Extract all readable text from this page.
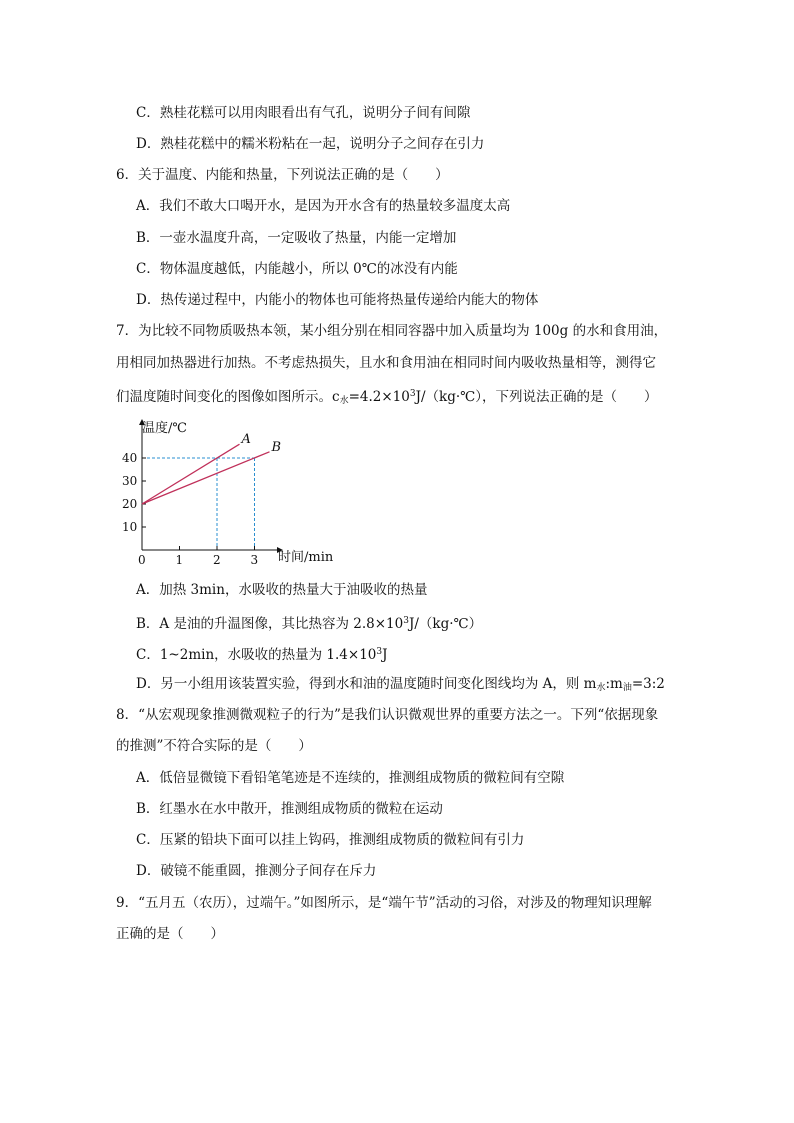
C．熟桂花糕可以用肉眼看出有气孔，说明分子间有间隙
D．熟桂花糕中的糯米粉粘在一起，说明分子之间存在引力
6．关于温度、内能和热量，下列说法正确的是（　　）
A．我们不敢大口喝开水，是因为开水含有的热量较多温度太高
B．一壶水温度升高，一定吸收了热量，内能一定增加
C．物体温度越低，内能越小，所以 0℃的冰没有内能
D．热传递过程中，内能小的物体也可能将热量传递给内能大的物体
7．为比较不同物质吸热本领，某小组分别在相同容器中加入质量均为 100g 的水和食用油，
用相同加热器进行加热。不考虑热损失，且水和食用油在相同时间内吸收热量相等，测得它
们温度随时间变化的图像如图所示。$c_水=4.2\times 10^3J/(kg\cdot℃)$，下列说法正确的是（　　）
温度/℃
时间/min
0 1 2 3
10
20
30
40
A
B
A．加热 3min，水吸收的热量大于油吸收的热量
B．A 是油的升温图像，其比热容为 $2.8\times 10^3J/(kg\cdot℃)$
C．1~2min，水吸收的热量为 $1.4\times 10^3J$
D．另一小组用该装置实验，得到水和油的温度随时间变化图线均为 A，则 $m_水:m_油=3:2$
8．“从宏观现象推测微观粒子的行为”是我们认识微观世界的重要方法之一。下列“依据现象
的推测”不符合实际的是（　　）
A．低倍显微镜下看铅笔笔迹是不连续的，推测组成物质的微粒间有空隙
B．红墨水在水中散开，推测组成物质的微粒在运动
C．压紧的铅块下面可以挂上钩码，推测组成物质的微粒间有引力
D．破镜不能重圆，推测分子间存在斥力
9．“五月五（农历），过端午。”如图所示，是“端午节”活动的习俗，对涉及的物理知识理解
正确的是（　　）
